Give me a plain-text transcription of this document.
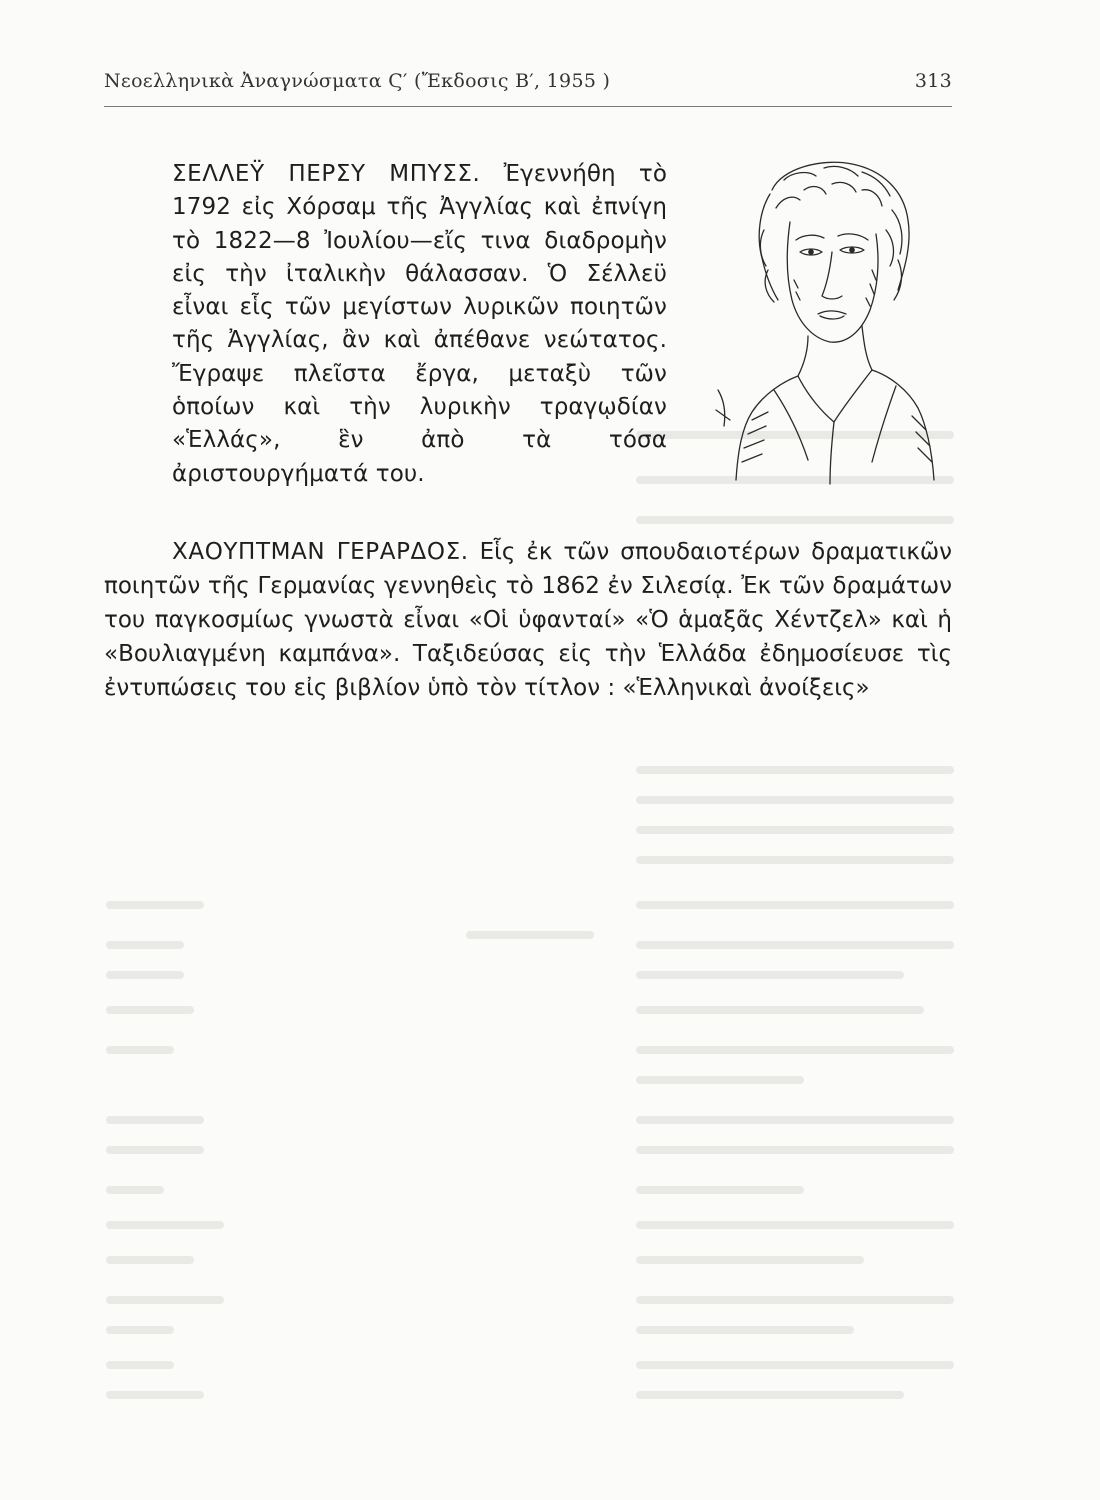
Νεοελληνικὰ Ἀναγνώσματα Ϛ′ (Ἔκδοσις Β′, 1955 )	313

ΣΕΛΛΕΫ ΠΕΡΣΥ ΜΠΥΣΣ. Ἐγεννήθη τὸ 1792 εἰς Χόρσαμ τῆς Ἀγγλίας καὶ ἐπνίγη τὸ 1822—8 Ἰουλίου—εἴς τινα διαδρομὴν εἰς τὴν ἰταλικὴν θάλασσαν. Ὁ Σέλλεϋ εἶναι εἷς τῶν μεγίστων λυρικῶν ποιητῶν τῆς Ἀγγλίας, ἂν καὶ ἀπέθανε νεώτατος. Ἔγραψε πλεῖστα ἔργα, μεταξὺ τῶν ὁποίων καὶ τὴν λυρικὴν τραγῳδίαν «Ἑλλάς», ἓν ἀπὸ τὰ τόσα ἀριστουργήματά του.

ΧΑΟΥΠΤΜΑΝ ΓΕΡΑΡΔΟΣ. Εἷς ἐκ τῶν σπουδαιοτέρων δραματικῶν ποιητῶν τῆς Γερμανίας γεννηθεὶς τὸ 1862 ἐν Σιλεσίᾳ. Ἐκ τῶν δραμάτων του παγκοσμίως γνωστὰ εἶναι «Οἱ ὑφανταί» «Ὁ ἁμαξᾶς Χέντζελ» καὶ ἡ «Βουλιαγμένη καμπάνα». Ταξιδεύσας εἰς τὴν Ἑλλάδα ἐδημοσίευσε τὶς ἐντυπώσεις του εἰς βιβλίον ὑπὸ τὸν τίτλον : «Ἑλληνικαὶ ἀνοίξεις»
